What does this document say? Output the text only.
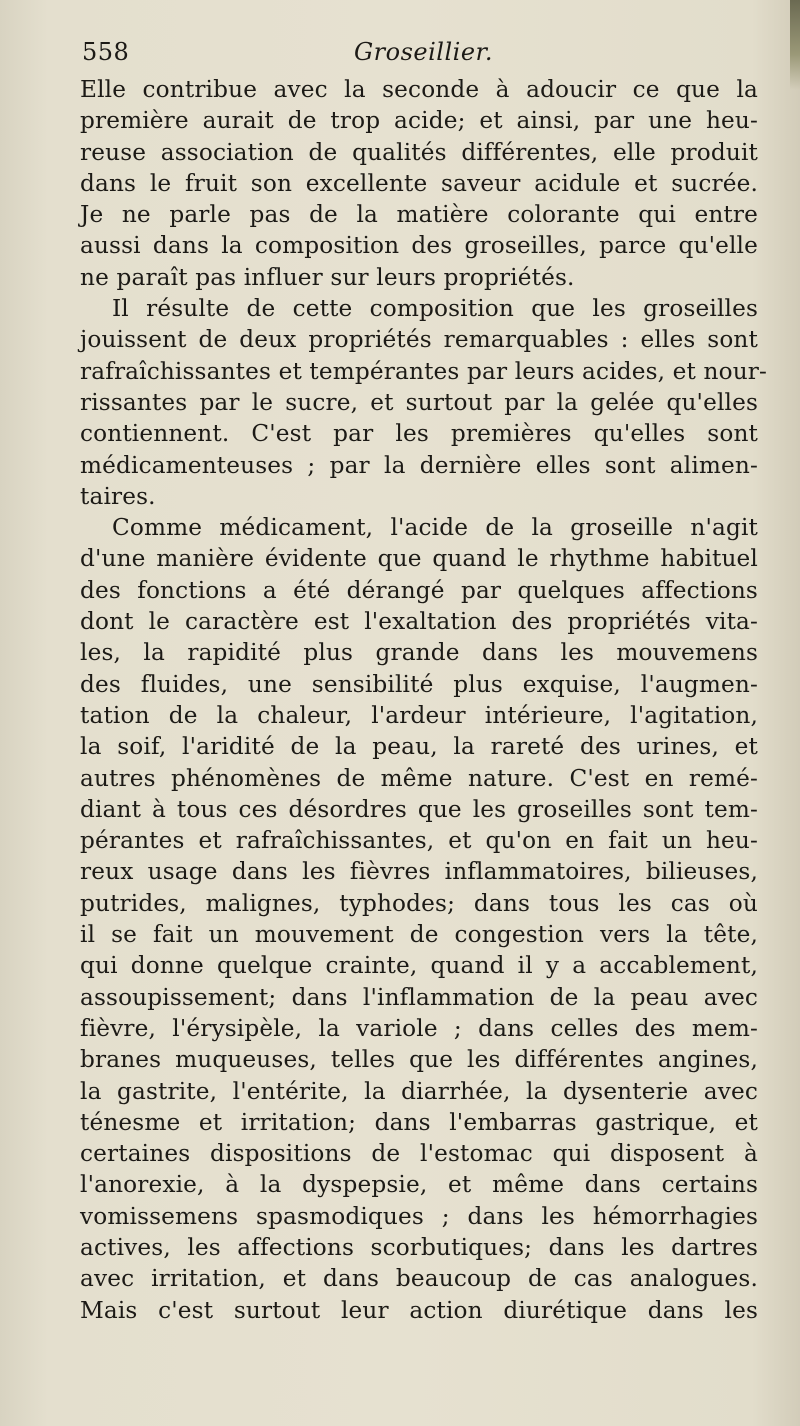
558	Groseillier.
Elle contribue avec la seconde à adoucir ce que la
première aurait de trop acide; et ainsi, par une heu-
reuse association de qualités différentes, elle produit
dans le fruit son excellente saveur acidule et sucrée.
Je ne parle pas de la matière colorante qui entre
aussi dans la composition des groseilles, parce qu'elle
ne paraît pas influer sur leurs propriétés.
Il résulte de cette composition que les groseilles
jouissent de deux propriétés remarquables : elles sont
rafraîchissantes et tempérantes par leurs acides, et nour-
rissantes par le sucre, et surtout par la gelée qu'elles
contiennent. C'est par les premières qu'elles sont
médicamenteuses ; par la dernière elles sont alimen-
taires.
Comme médicament, l'acide de la groseille n'agit
d'une manière évidente que quand le rhythme habituel
des fonctions a été dérangé par quelques affections
dont le caractère est l'exaltation des propriétés vita-
les, la rapidité plus grande dans les mouvemens
des fluides, une sensibilité plus exquise, l'augmen-
tation de la chaleur, l'ardeur intérieure, l'agitation,
la soif, l'aridité de la peau, la rareté des urines, et
autres phénomènes de même nature. C'est en remé-
diant à tous ces désordres que les groseilles sont tem-
pérantes et rafraîchissantes, et qu'on en fait un heu-
reux usage dans les fièvres inflammatoires, bilieuses,
putrides, malignes, typhodes; dans tous les cas où
il se fait un mouvement de congestion vers la tête,
qui donne quelque crainte, quand il y a accablement,
assoupissement; dans l'inflammation de la peau avec
fièvre, l'érysipèle, la variole ; dans celles des mem-
branes muqueuses, telles que les différentes angines,
la gastrite, l'entérite, la diarrhée, la dysenterie avec
ténesme et irritation; dans l'embarras gastrique, et
certaines dispositions de l'estomac qui disposent à
l'anorexie, à la dyspepsie, et même dans certains
vomissemens spasmodiques ; dans les hémorrhagies
actives, les affections scorbutiques; dans les dartres
avec irritation, et dans beaucoup de cas analogues.
Mais c'est surtout leur action diurétique dans les
